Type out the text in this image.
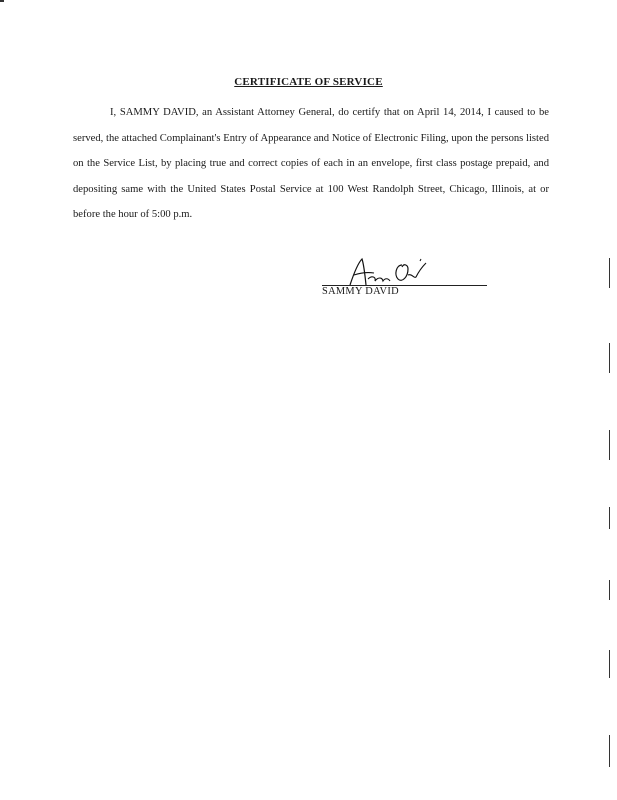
CERTIFICATE OF SERVICE
I, SAMMY DAVID, an Assistant Attorney General, do certify that on April 14, 2014, I caused to be served, the attached Complainant's Entry of Appearance and Notice of Electronic Filing, upon the persons listed on the Service List, by placing true and correct copies of each in an envelope, first class postage prepaid, and depositing same with the United States Postal Service at 100 West Randolph Street, Chicago, Illinois, at or before the hour of 5:00 p.m.
SAMMY DAVID
